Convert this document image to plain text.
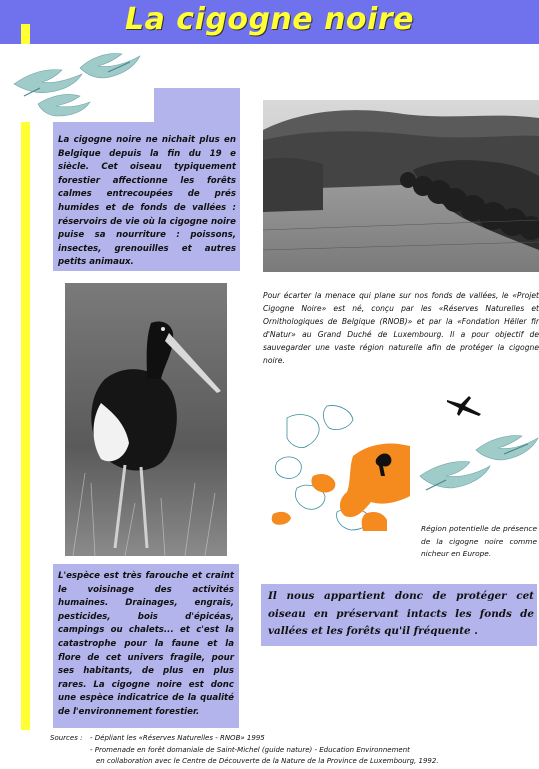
La cigogne noire
La cigogne noire ne nichait plus en Belgique depuis la fin du 19 e siècle. Cet oiseau typiquement forestier affectionne les forêts calmes entrecoupées de prés humides et de fonds de vallées : réservoirs de vie où la cigogne noire puise sa nourriture : poissons, insectes, grenouilles et autres petits animaux.
Pour écarter la menace qui plane sur nos fonds de vallées, le «Projet Cigogne Noire» est né, conçu par les «Réserves Naturelles et Ornithologiques de Belgique (RNOB)» et par la «Fondation Hëller fir d'Natur» au Grand Duché de Luxembourg. Il a pour objectif de sauvegarder une vaste région naturelle afin de protéger la cigogne noire.
Région potentielle de présence de la cigogne noire comme nicheur en Europe.
L'espèce est très farouche et craint le voisinage des activités humaines. Drainages, engrais, pesticides, bois d'épicéas, campings ou chalets... et c'est la catastrophe pour la faune et la flore de cet univers fragile, pour ses habitants, de plus en plus rares. La cigogne noire est donc une espèce indicatrice de la qualité de l'environnement forestier.
Il nous appartient donc de protéger cet oiseau en préservant intacts les fonds de vallées et les forêts qu'il fréquente .
Sources : - Dépliant les «Réserves Naturelles - RNOB» 1995
- Promenade en forêt domaniale de Saint-Michel (guide nature) - Education Environnement
en collaboration avec le Centre de Découverte de la Nature de la Province de Luxembourg, 1992.
